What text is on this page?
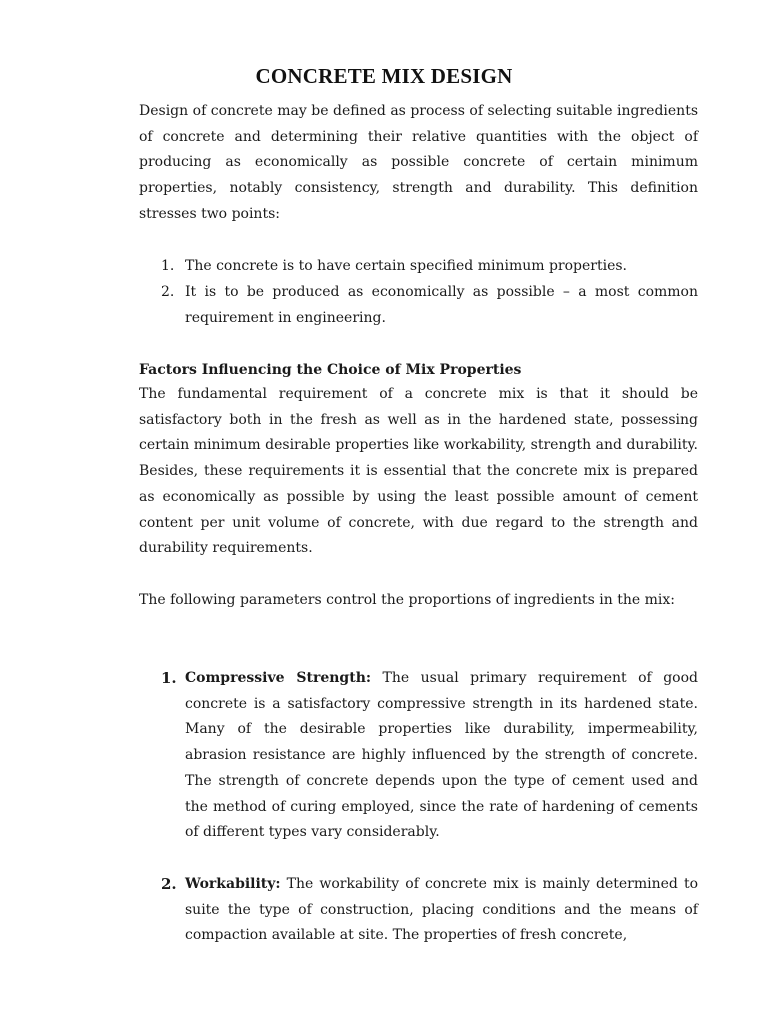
CONCRETE MIX DESIGN

Design of concrete may be defined as process of selecting suitable ingredients of concrete and determining their relative quantities with the object of producing as economically as possible concrete of certain minimum properties, notably consistency, strength and durability. This definition stresses two points:

1. The concrete is to have certain specified minimum properties.
2. It is to be produced as economically as possible – a most common requirement in engineering.

Factors Influencing the Choice of Mix Properties

The fundamental requirement of a concrete mix is that it should be satisfactory both in the fresh as well as in the hardened state, possessing certain minimum desirable properties like workability, strength and durability. Besides, these requirements it is essential that the concrete mix is prepared as economically as possible by using the least possible amount of cement content per unit volume of concrete, with due regard to the strength and durability requirements.

The following parameters control the proportions of ingredients in the mix:

1. Compressive Strength: The usual primary requirement of good concrete is a satisfactory compressive strength in its hardened state. Many of the desirable properties like durability, impermeability, abrasion resistance are highly influenced by the strength of concrete. The strength of concrete depends upon the type of cement used and the method of curing employed, since the rate of hardening of cements of different types vary considerably.
2. Workability: The workability of concrete mix is mainly determined to suite the type of construction, placing conditions and the means of compaction available at site. The properties of fresh concrete,
